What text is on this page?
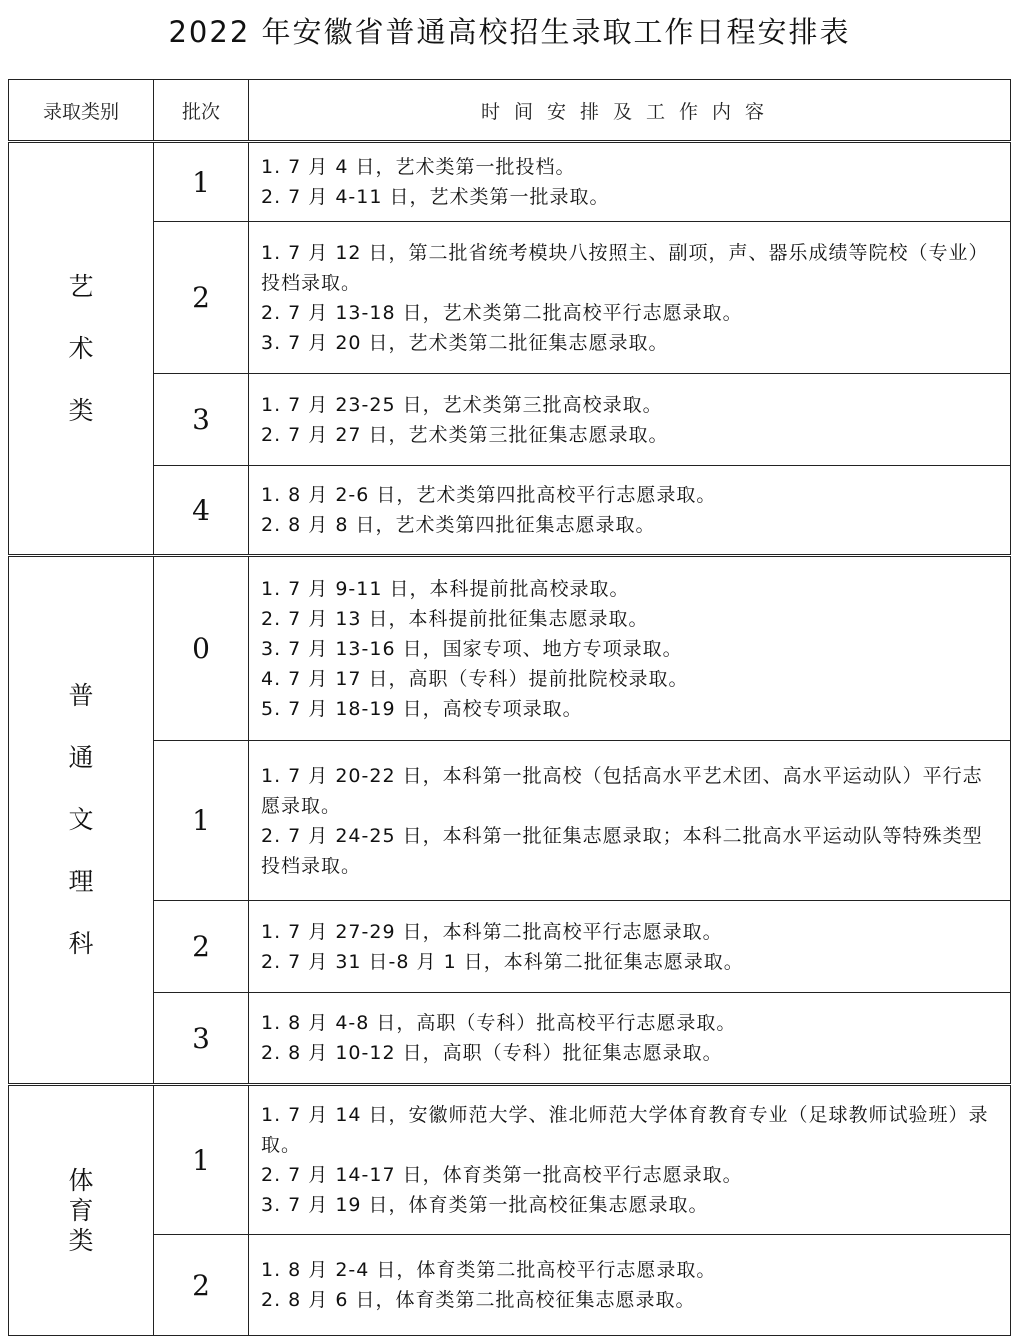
2022 年安徽省普通高校招生录取工作日程安排表
录取类别	批次	时间安排及工作内容
艺术类	1	1. 7 月 4 日，艺术类第一批投档。
2. 7 月 4-11 日，艺术类第一批录取。

	2	1. 7 月 12 日，第二批省统考模块八按照主、副项，声、器乐成绩等院校（专业）投档录取。
2. 7 月 13-18 日，艺术类第二批高校平行志愿录取。
3. 7 月 20 日，艺术类第二批征集志愿录取。

	3	1. 7 月 23-25 日，艺术类第三批高校录取。
2. 7 月 27 日，艺术类第三批征集志愿录取。

	4	1. 8 月 2-6 日，艺术类第四批高校平行志愿录取。
2. 8 月 8 日，艺术类第四批征集志愿录取。

普通文理科	0	1. 7 月 9-11 日，本科提前批高校录取。
2. 7 月 13 日，本科提前批征集志愿录取。
3. 7 月 13-16 日，国家专项、地方专项录取。
4. 7 月 17 日，高职（专科）提前批院校录取。
5. 7 月 18-19 日，高校专项录取。

	1	1. 7 月 20-22 日，本科第一批高校（包括高水平艺术团、高水平运动队）平行志愿录取。
2. 7 月 24-25 日，本科第一批征集志愿录取；本科二批高水平运动队等特殊类型投档录取。

	2	1. 7 月 27-29 日，本科第二批高校平行志愿录取。
2. 7 月 31 日-8 月 1 日，本科第二批征集志愿录取。

	3	1. 8 月 4-8 日，高职（专科）批高校平行志愿录取。
2. 8 月 10-12 日，高职（专科）批征集志愿录取。

体育类	1	1. 7 月 14 日，安徽师范大学、淮北师范大学体育教育专业（足球教师试验班）录取。
2. 7 月 14-17 日，体育类第一批高校平行志愿录取。
3. 7 月 19 日，体育类第一批高校征集志愿录取。

	2	1. 8 月 2-4 日，体育类第二批高校平行志愿录取。
2. 8 月 6 日，体育类第二批高校征集志愿录取。
